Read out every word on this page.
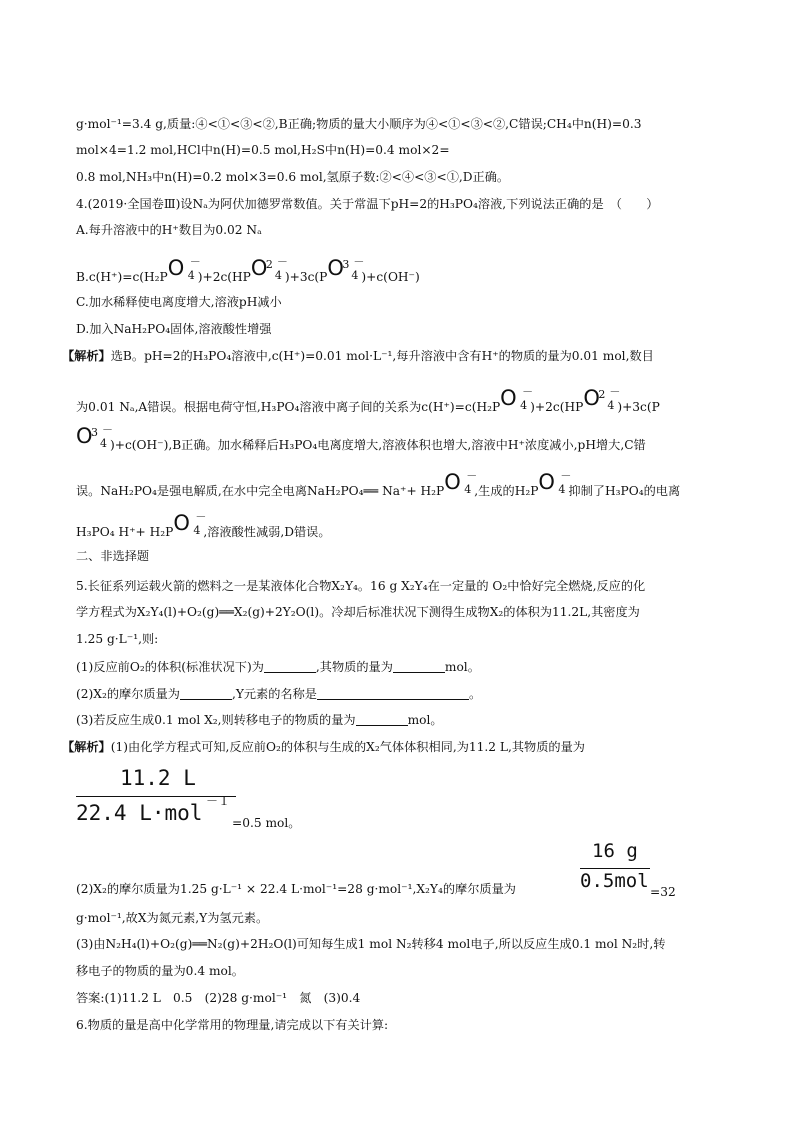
g·mol⁻¹=3.4 g,质量:④<①<③<②,B正确;物质的量大小顺序为④<①<③<②,C错误;CH₄中n(H)=0.3
mol×4=1.2 mol,HCl中n(H)=0.5 mol,H₂S中n(H)=0.4 mol×2=
0.8 mol,NH₃中n(H)=0.2 mol×3=0.6 mol,氢原子数:②<④<③<①,D正确。
4.(2019·全国卷Ⅲ)设Nₐ为阿伏加德罗常数值。关于常温下pH=2的H₃PO₄溶液,下列说法正确的是　（　　）
A.每升溶液中的H⁺数目为0.02 Nₐ
B.c(H⁺)=c(H₂P O －
4 )+2c(HP O
2 －
4 )+3c(P O
3 －
4 )+c(OH⁻)
C.加水稀释使电离度增大,溶液pH减小
D.加入NaH₂PO₄固体,溶液酸性增强
【解析】选B。pH=2的H₃PO₄溶液中,c(H⁺)=0.01 mol·L⁻¹,每升溶液中含有H⁺的物质的量为0.01 mol,数目
为0.01 Nₐ,A错误。根据电荷守恒,H₃PO₄溶液中离子间的关系为c(H⁺)=c(H₂P O －
4 )+2c(HP O
2 －
4 )+3c(P
O
3 －
4 )+c(OH⁻),B正确。加水稀释后H₃PO₄电离度增大,溶液体积也增大,溶液中H⁺浓度减小,pH增大,C错
误。NaH₂PO₄是强电解质,在水中完全电离NaH₂PO₄══ Na⁺+ H₂P O －
4 ,生成的H₂P O －
4 抑制了H₃PO₄的电离
H₃PO₄ H⁺+ H₂P O －
4 ,溶液酸性减弱,D错误。
二、非选择题
5.长征系列运载火箭的燃料之一是某液体化合物X₂Y₄。16 g X₂Y₄在一定量的 O₂中恰好完全燃烧,反应的化
学方程式为X₂Y₄(l)+O₂(g)══X₂(g)+2Y₂O(l)。冷却后标准状况下测得生成物X₂的体积为11.2L,其密度为
1.25 g·L⁻¹,则:
(1)反应前O₂的体积(标准状况下)为	,其物质的量为	mol。
(2)X₂的摩尔质量为	,Y元素的名称是	。
(3)若反应生成0.1 mol X₂,则转移电子的物质的量为	mol。
【解析】(1)由化学方程式可知,反应前O₂的体积与生成的X₂气体体积相同,为11.2 L,其物质的量为
11.2 L
22.4 L·mol －１
=0.5 mol。
16 g
0.5mol =32
(2)X₂的摩尔质量为1.25 g·L⁻¹ × 22.4 L·mol⁻¹=28 g·mol⁻¹,X₂Y₄的摩尔质量为
g·mol⁻¹,故X为氮元素,Y为氢元素。
(3)由N₂H₄(l)+O₂(g)══N₂(g)+2H₂O(l)可知每生成1 mol N₂转移4 mol电子,所以反应生成0.1 mol N₂时,转
移电子的物质的量为0.4 mol。
答案:(1)11.2 L　0.5　(2)28 g·mol⁻¹　氮　(3)0.4
6.物质的量是高中化学常用的物理量,请完成以下有关计算:
